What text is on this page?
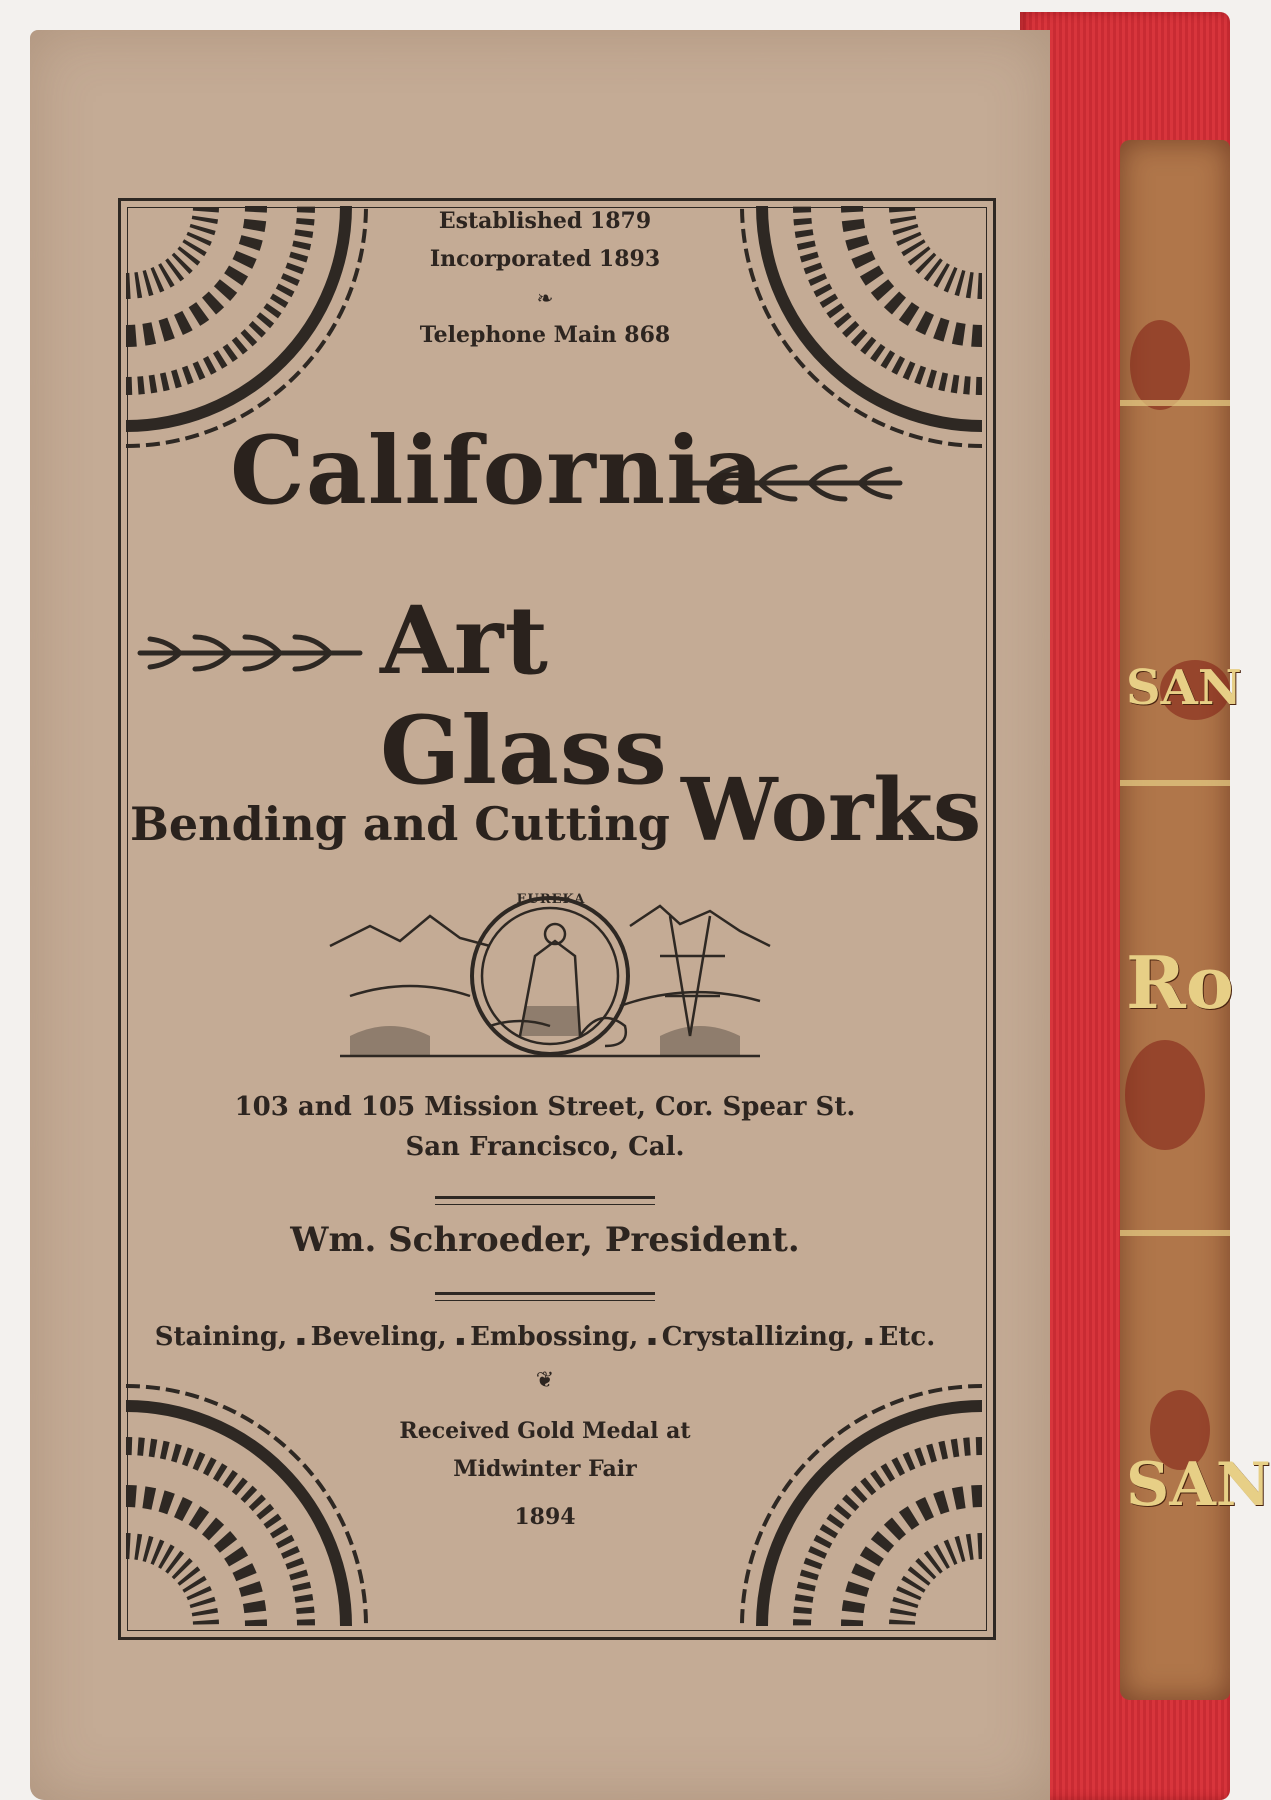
SAN
Ro
SAN
Established 1879
Incorporated 1893
❧
Telephone Main 868
California
Art Glass
Bending and Cutting Works
EUREKA
103 and 105 Mission Street, Cor. Spear St.
San Francisco, Cal.
Wm. Schroeder, President.
Staining, ▪ Beveling, ▪ Embossing, ▪ Crystallizing, ▪ Etc.
❦
Received Gold Medal at
Midwinter Fair
1894
